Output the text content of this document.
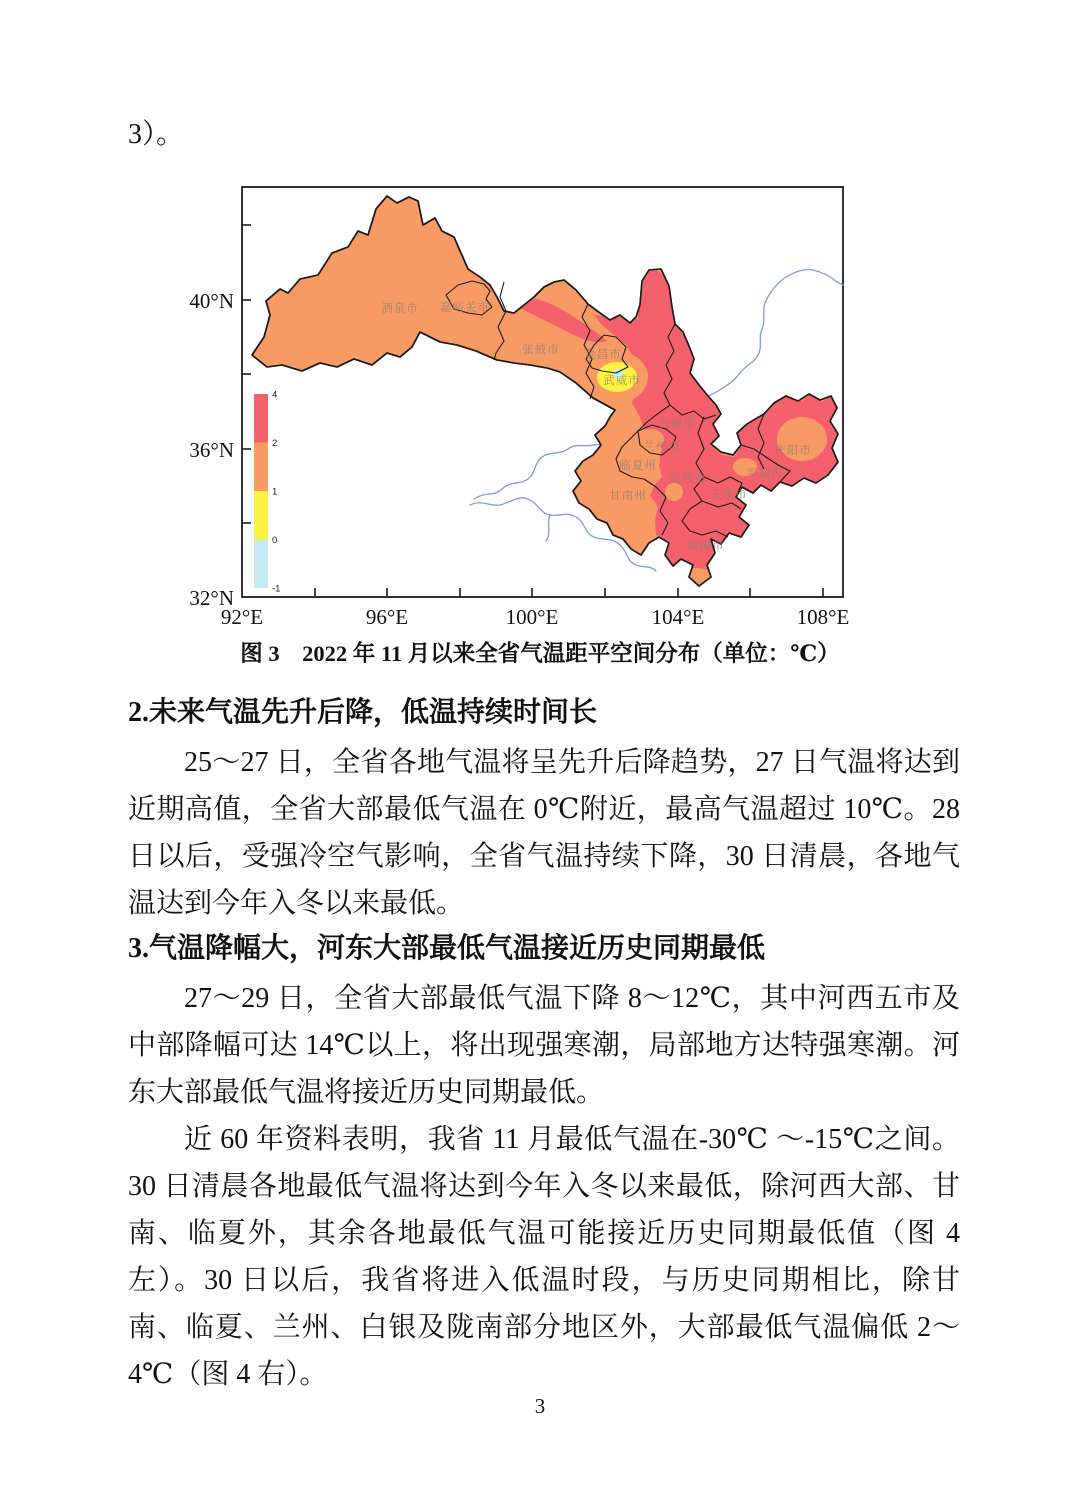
3）。

40°N
36°N
32°N
92°E	96°E	100°E	104°E	108°E
4
2
1
0
-1
酒泉市 嘉峪关市
张掖市 金昌市
武威市
白银市
兰州市
临夏州
定西市
甘南州	天水市
平凉市
庆阳市
陇南市

图 3　2022 年 11 月以来全省气温距平空间分布（单位：℃）

2.未来气温先升后降，低温持续时间长

25～27 日，全省各地气温将呈先升后降趋势，27 日气温将达到近期高值，全省大部最低气温在 0℃附近，最高气温超过 10℃。28 日以后，受强冷空气影响，全省气温持续下降，30 日清晨，各地气温达到今年入冬以来最低。

3.气温降幅大，河东大部最低气温接近历史同期最低

27～29 日，全省大部最低气温下降 8～12℃，其中河西五市及中部降幅可达 14℃以上，将出现强寒潮，局部地方达特强寒潮。河东大部最低气温将接近历史同期最低。

近 60 年资料表明，我省 11 月最低气温在-30℃ ～-15℃之间。30 日清晨各地最低气温将达到今年入冬以来最低，除河西大部、甘南、临夏外，其余各地最低气温可能接近历史同期最低值（图 4 左）。30 日以后，我省将进入低温时段，与历史同期相比，除甘南、临夏、兰州、白银及陇南部分地区外，大部最低气温偏低 2～4℃（图 4 右）。

3
